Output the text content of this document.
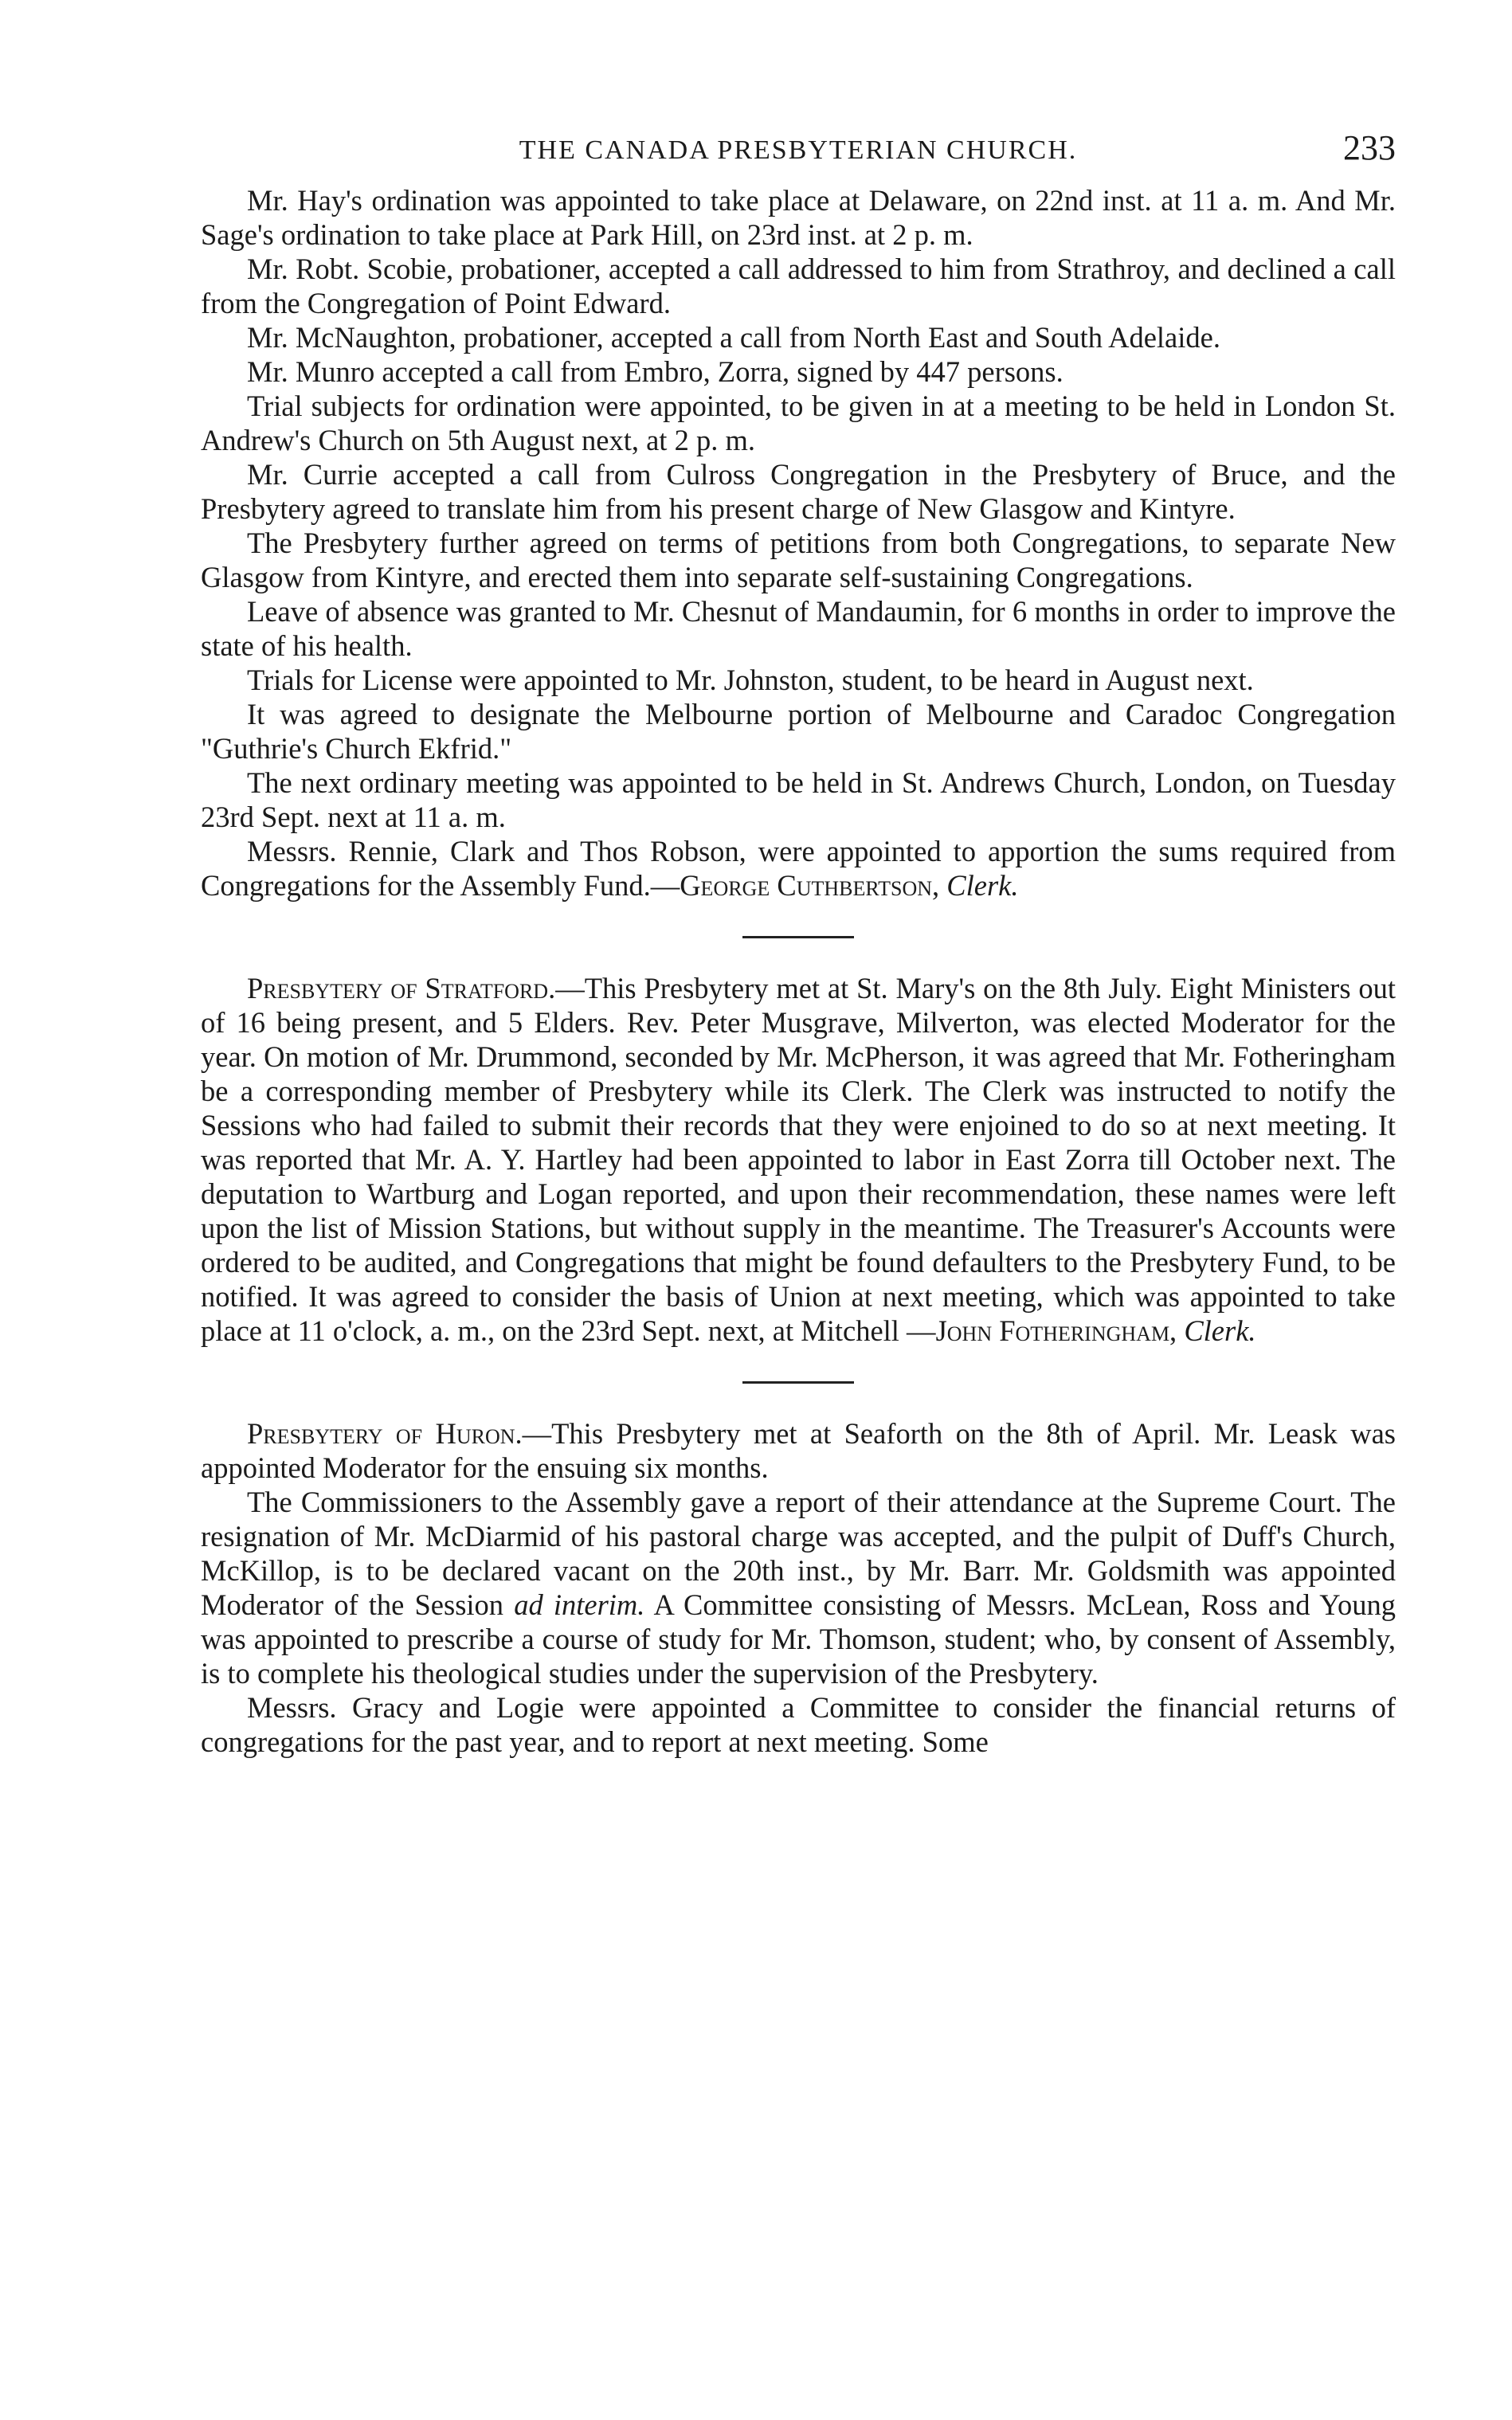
THE CANADA PRESBYTERIAN CHURCH.	233

Mr. Hay's ordination was appointed to take place at Delaware, on 22nd inst. at 11 a. m. And Mr. Sage's ordination to take place at Park Hill, on 23rd inst. at 2 p. m.

Mr. Robt. Scobie, probationer, accepted a call addressed to him from Strathroy, and declined a call from the Congregation of Point Edward.

Mr. McNaughton, probationer, accepted a call from North East and South Adelaide.

Mr. Munro accepted a call from Embro, Zorra, signed by 447 persons.

Trial subjects for ordination were appointed, to be given in at a meeting to be held in London St. Andrew's Church on 5th August next, at 2 p. m.

Mr. Currie accepted a call from Culross Congregation in the Presbytery of Bruce, and the Presbytery agreed to translate him from his present charge of New Glasgow and Kintyre.

The Presbytery further agreed on terms of petitions from both Congregations, to separate New Glasgow from Kintyre, and erected them into separate self-sustaining Congregations.

Leave of absence was granted to Mr. Chesnut of Mandaumin, for 6 months in order to improve the state of his health.

Trials for License were appointed to Mr. Johnston, student, to be heard in August next.

It was agreed to designate the Melbourne portion of Melbourne and Caradoc Congregation "Guthrie's Church Ekfrid."

The next ordinary meeting was appointed to be held in St. Andrews Church, London, on Tuesday 23rd Sept. next at 11 a. m.

Messrs. Rennie, Clark and Thos Robson, were appointed to apportion the sums required from Congregations for the Assembly Fund.—George Cuthbertson, Clerk.

Presbytery of Stratford.—This Presbytery met at St. Mary's on the 8th July. Eight Ministers out of 16 being present, and 5 Elders. Rev. Peter Musgrave, Milverton, was elected Moderator for the year. On motion of Mr. Drummond, seconded by Mr. McPherson, it was agreed that Mr. Fotheringham be a corresponding member of Presbytery while its Clerk. The Clerk was instructed to notify the Sessions who had failed to submit their records that they were enjoined to do so at next meeting. It was reported that Mr. A. Y. Hartley had been appointed to labor in East Zorra till October next. The deputation to Wartburg and Logan reported, and upon their recommendation, these names were left upon the list of Mission Stations, but without supply in the meantime. The Treasurer's Accounts were ordered to be audited, and Congregations that might be found defaulters to the Presbytery Fund, to be notified. It was agreed to consider the basis of Union at next meeting, which was appointed to take place at 11 o'clock, a. m., on the 23rd Sept. next, at Mitchell —John Fotheringham, Clerk.

Presbytery of Huron.—This Presbytery met at Seaforth on the 8th of April. Mr. Leask was appointed Moderator for the ensuing six months.

The Commissioners to the Assembly gave a report of their attendance at the Supreme Court. The resignation of Mr. McDiarmid of his pastoral charge was accepted, and the pulpit of Duff's Church, McKillop, is to be declared vacant on the 20th inst., by Mr. Barr. Mr. Goldsmith was appointed Moderator of the Session ad interim. A Committee consisting of Messrs. McLean, Ross and Young was appointed to prescribe a course of study for Mr. Thomson, student; who, by consent of Assembly, is to complete his theological studies under the supervision of the Presbytery.

Messrs. Gracy and Logie were appointed a Committee to consider the financial returns of congregations for the past year, and to report at next meeting. Some
